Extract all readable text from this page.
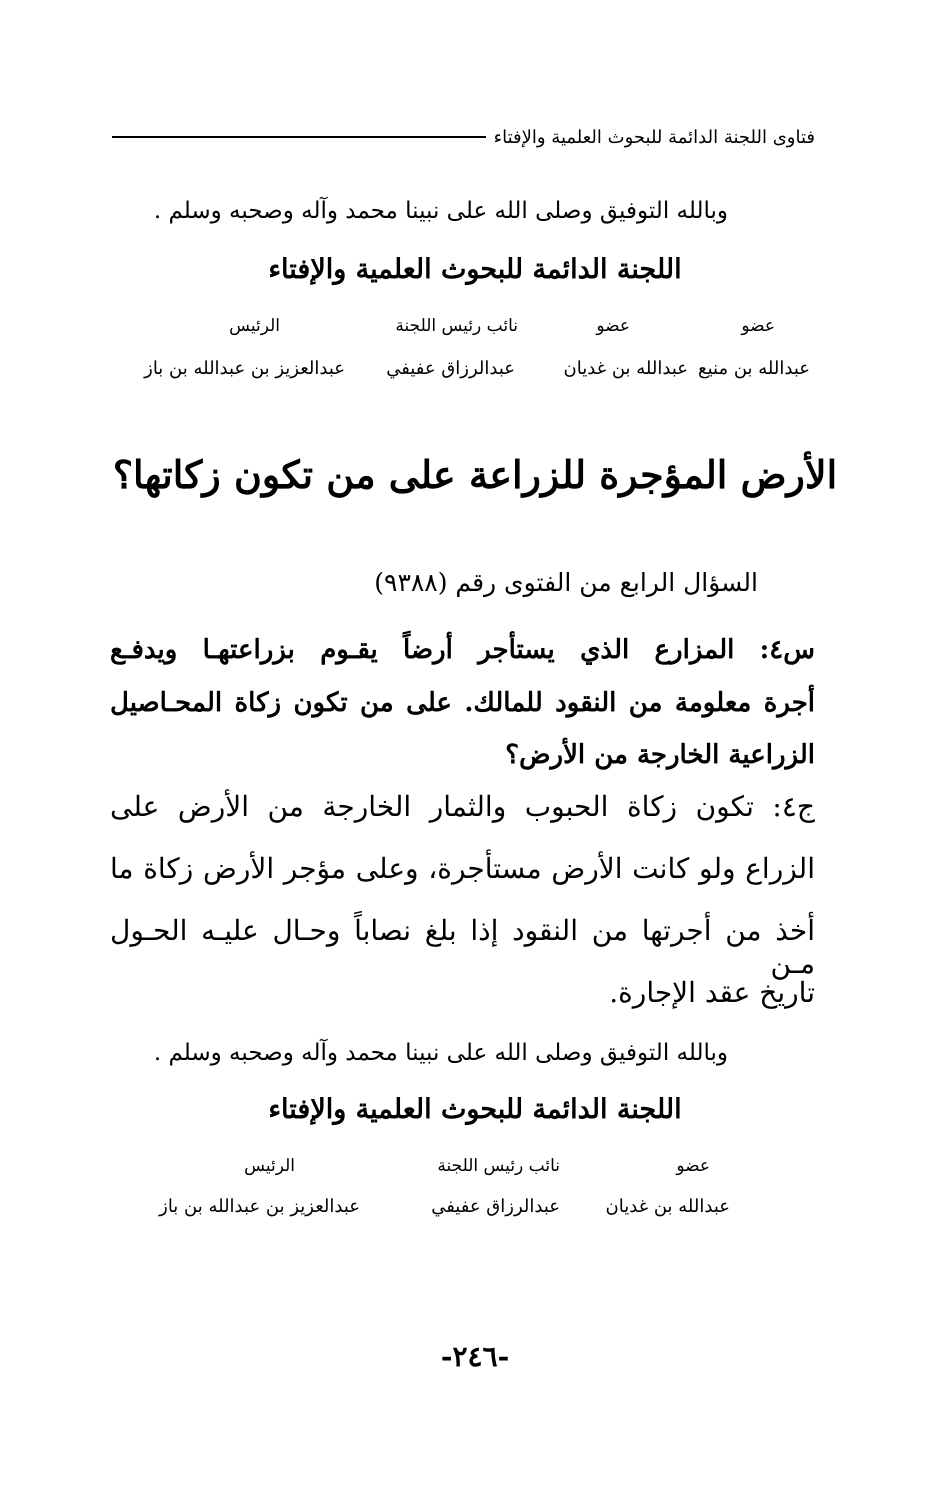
فتاوى اللجنة الدائمة للبحوث العلمية والإفتاء
وبالله التوفيق وصلى الله على نبينا محمد وآله وصحبه وسلم .
اللجنة الدائمة للبحوث العلمية والإفتاء
عضو
عضو
نائب رئيس اللجنة
الرئيس
عبدالله بن منيع
عبدالله بن غديان
عبدالرزاق عفيفي
عبدالعزيز بن عبدالله بن باز
الأرض المؤجرة للزراعة على من تكون زكاتها؟
السؤال الرابع من الفتوى رقم (٩٣٨٨)
س٤: المزارع الذي يستأجر أرضاً يقـوم بزراعتهـا ويدفـع
أجرة معلومة من النقود للمالك. على من تكون زكاة المحـاصيل
الزراعية الخارجة من الأرض؟
ج٤: تكون زكاة الحبوب والثمار الخارجة من الأرض على
الزراع ولو كانت الأرض مستأجرة، وعلى مؤجر الأرض زكاة ما
أخذ من أجرتها من النقود إذا بلغ نصاباً وحـال عليـه الحـول مـن
تاريخ عقد الإجارة.
وبالله التوفيق وصلى الله على نبينا محمد وآله وصحبه وسلم .
اللجنة الدائمة للبحوث العلمية والإفتاء
عضو
نائب رئيس اللجنة
الرئيس
عبدالله بن غديان
عبدالرزاق عفيفي
عبدالعزيز بن عبدالله بن باز
-٢٤٦-
